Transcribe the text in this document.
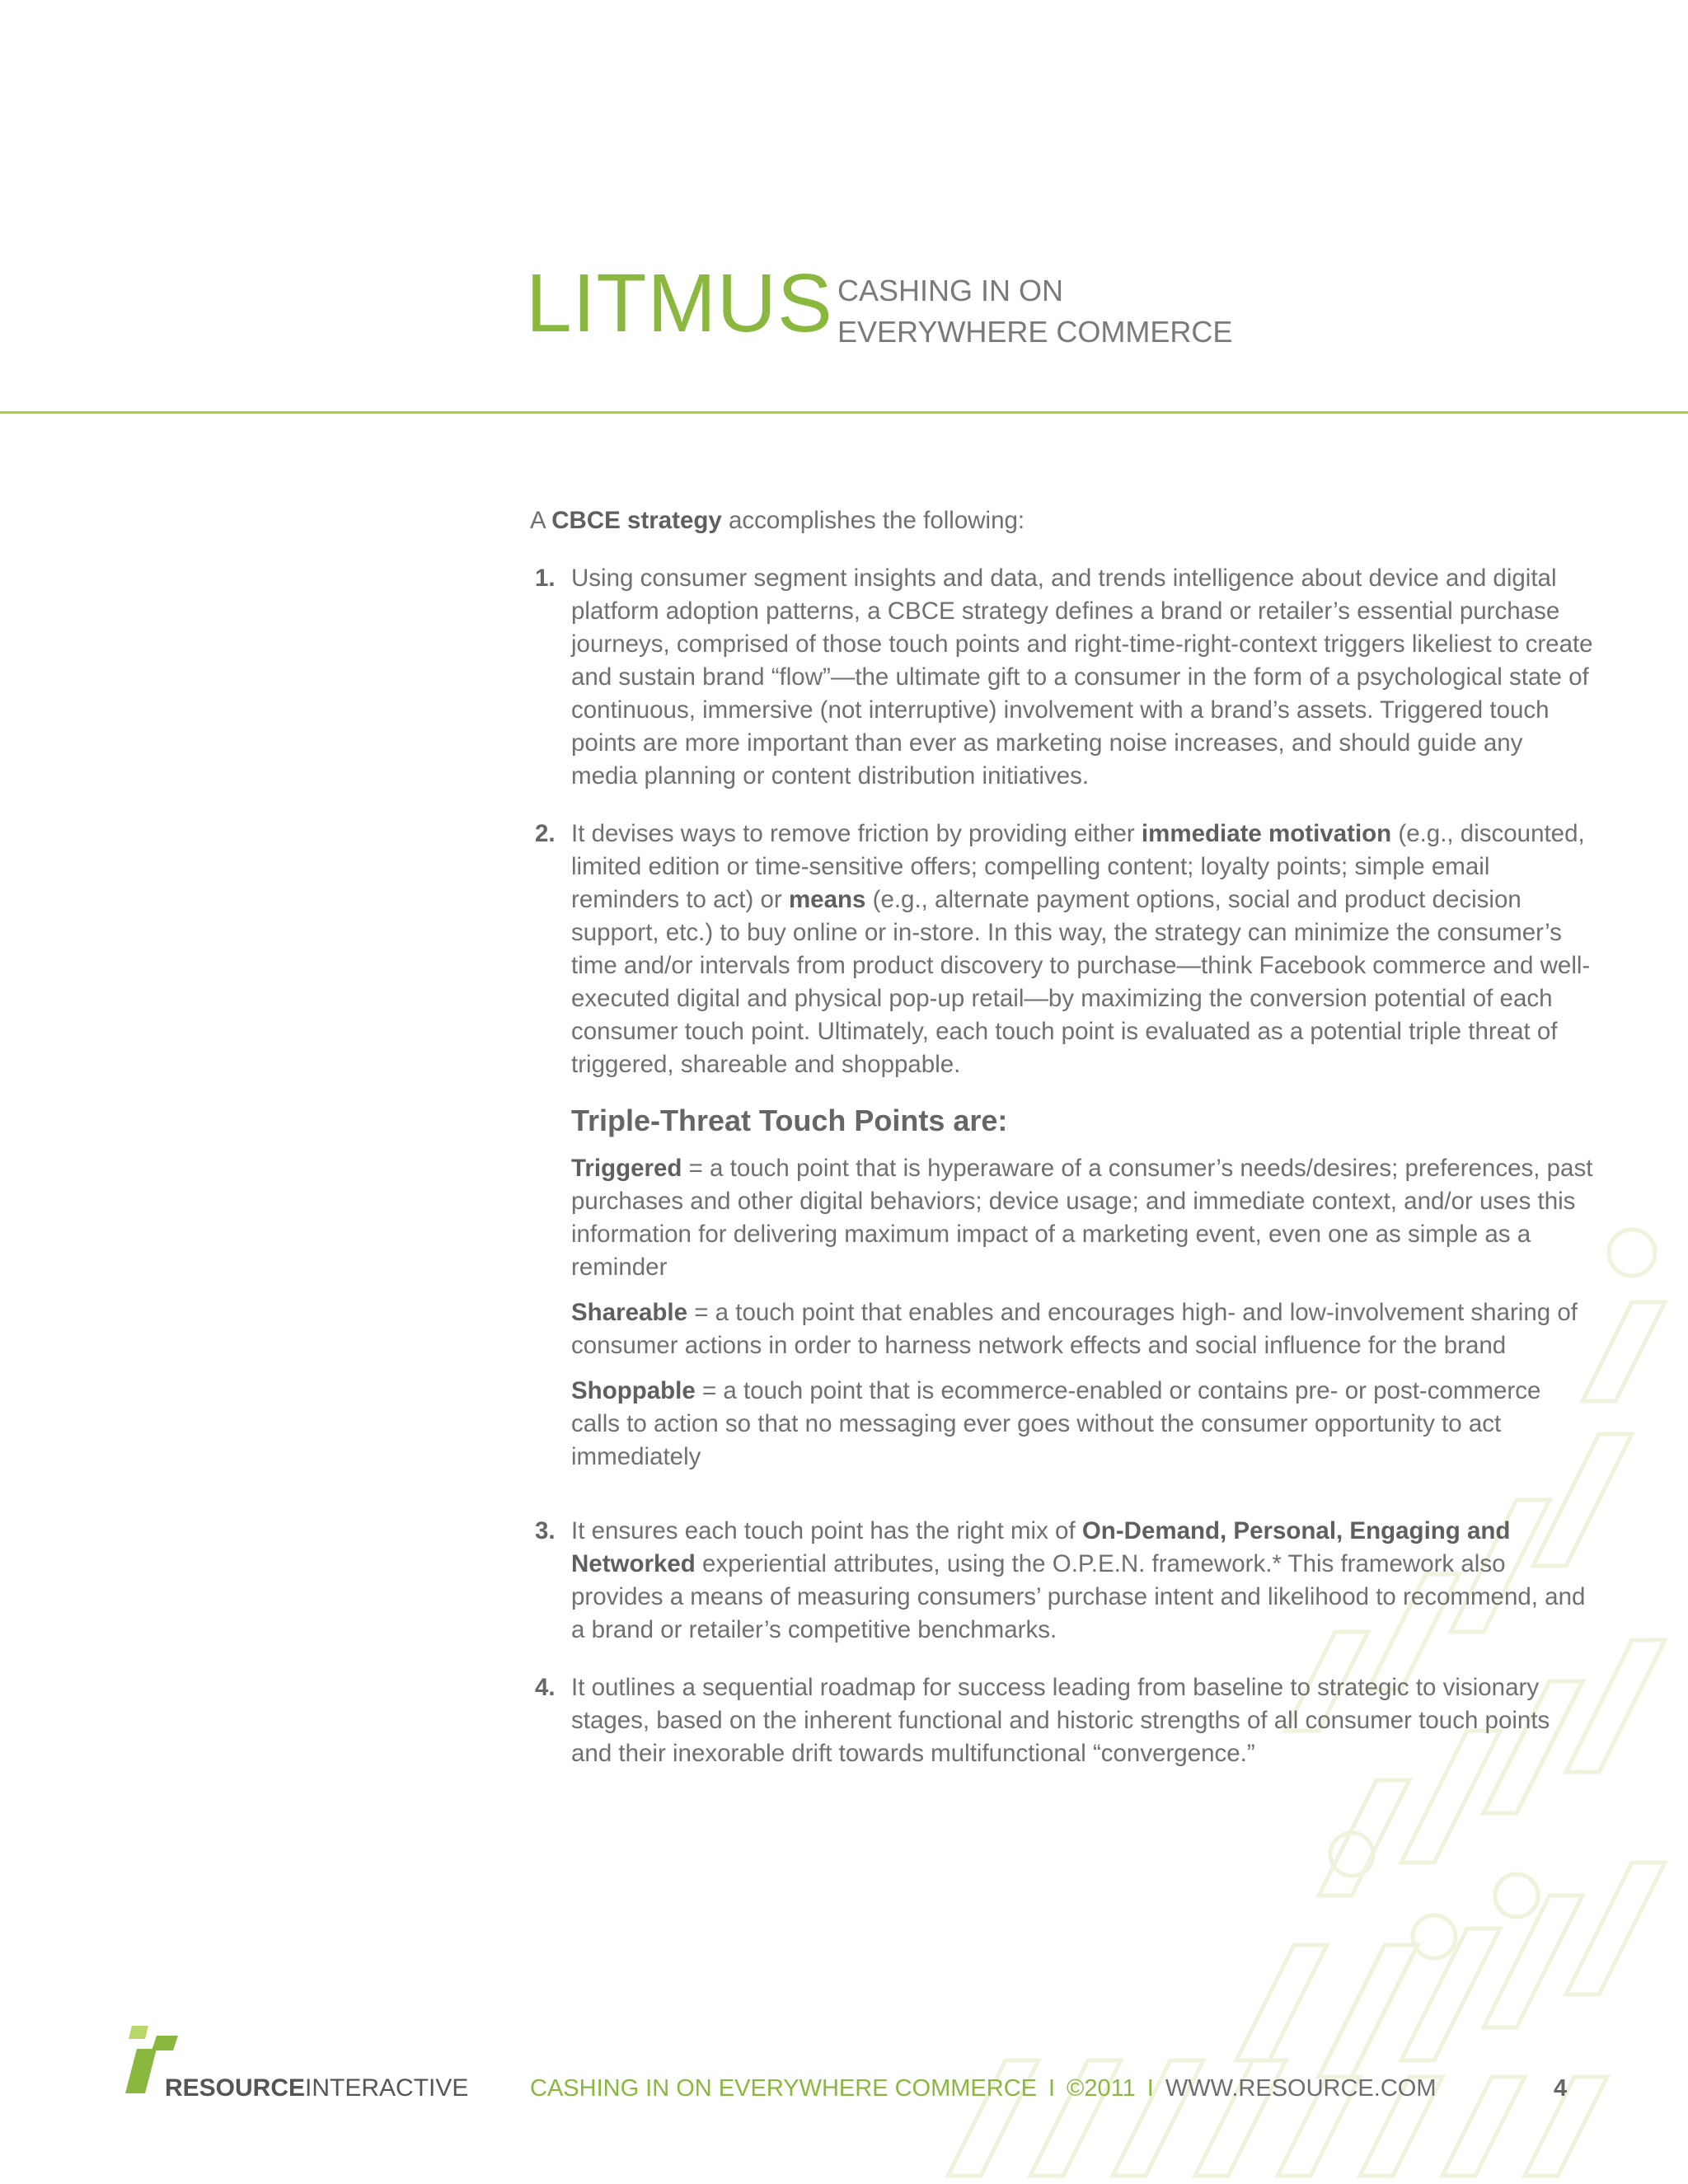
LITMUS CASHING IN ON
EVERYWHERE COMMERCE

A CBCE strategy accomplishes the following:

1. Using consumer segment insights and data, and trends intelligence about device and digital platform adoption patterns, a CBCE strategy defines a brand or retailer’s essential purchase journeys, comprised of those touch points and right-time-right-context triggers likeliest to create and sustain brand “flow”—the ultimate gift to a consumer in the form of a psychological state of continuous, immersive (not interruptive) involvement with a brand’s assets. Triggered touch points are more important than ever as marketing noise increases, and should guide any media planning or content distribution initiatives.

2. It devises ways to remove friction by providing either immediate motivation (e.g., discounted, limited edition or time-sensitive offers; compelling content; loyalty points; simple email reminders to act) or means (e.g., alternate payment options, social and product decision support, etc.) to buy online or in-store. In this way, the strategy can minimize the consumer’s time and/or intervals from product discovery to purchase—think Facebook commerce and well-executed digital and physical pop-up retail—by maximizing the conversion potential of each consumer touch point. Ultimately, each touch point is evaluated as a potential triple threat of triggered, shareable and shoppable.

Triple-Threat Touch Points are:

Triggered = a touch point that is hyperaware of a consumer’s needs/desires; preferences, past purchases and other digital behaviors; device usage; and immediate context, and/or uses this information for delivering maximum impact of a marketing event, even one as simple as a reminder

Shareable = a touch point that enables and encourages high- and low-involvement sharing of consumer actions in order to harness network effects and social influence for the brand

Shoppable = a touch point that is ecommerce-enabled or contains pre- or post-commerce calls to action so that no messaging ever goes without the consumer opportunity to act immediately

3. It ensures each touch point has the right mix of On-Demand, Personal, Engaging and Networked experiential attributes, using the O.P.E.N. framework.* This framework also provides a means of measuring consumers’ purchase intent and likelihood to recommend, and a brand or retailer’s competitive benchmarks.

4. It outlines a sequential roadmap for success leading from baseline to strategic to visionary stages, based on the inherent functional and historic strengths of all consumer touch points and their inexorable drift towards multifunctional “convergence.”

RESOURCEINTERACTIVE	CASHING IN ON EVERYWHERE COMMERCE I ©2011 I WWW.RESOURCE.COM	4
